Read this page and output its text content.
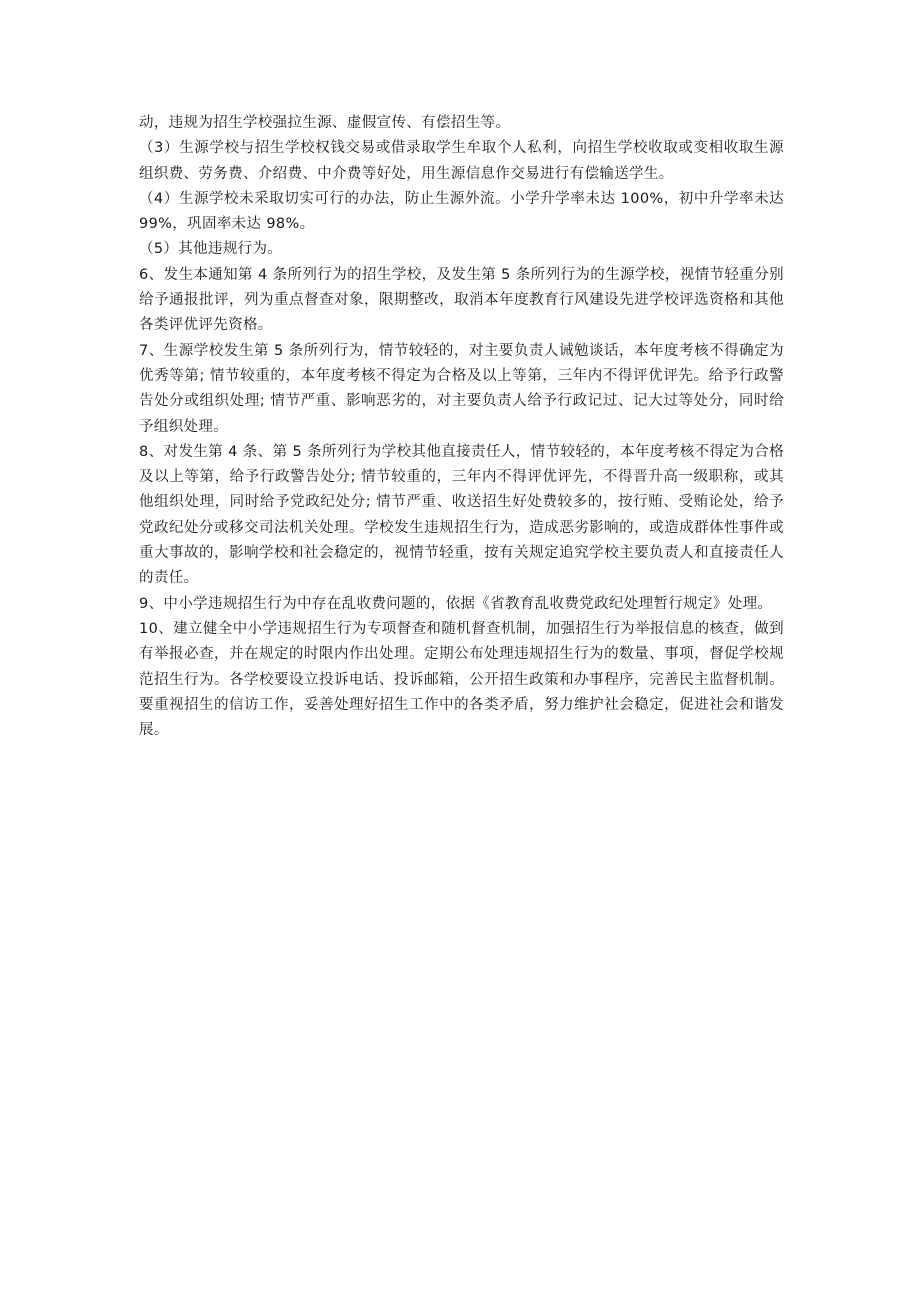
动，违规为招生学校强拉生源、虚假宣传、有偿招生等。

（3）生源学校与招生学校权钱交易或借录取学生牟取个人私利，向招生学校收取或变相收取生源组织费、劳务费、介绍费、中介费等好处，用生源信息作交易进行有偿输送学生。

（4）生源学校未采取切实可行的办法，防止生源外流。小学升学率未达 100%，初中升学率未达 99%，巩固率未达 98%。

（5）其他违规行为。

6、发生本通知第 4 条所列行为的招生学校，及发生第 5 条所列行为的生源学校，视情节轻重分别给予通报批评，列为重点督查对象，限期整改，取消本年度教育行风建设先进学校评选资格和其他各类评优评先资格。

7、生源学校发生第 5 条所列行为，情节较轻的，对主要负责人诫勉谈话，本年度考核不得确定为优秀等第; 情节较重的，本年度考核不得定为合格及以上等第，三年内不得评优评先。给予行政警告处分或组织处理; 情节严重、影响恶劣的，对主要负责人给予行政记过、记大过等处分，同时给予组织处理。

8、对发生第 4 条、第 5 条所列行为学校其他直接责任人，情节较轻的，本年度考核不得定为合格及以上等第，给予行政警告处分; 情节较重的，三年内不得评优评先，不得晋升高一级职称，或其他组织处理，同时给予党政纪处分; 情节严重、收送招生好处费较多的，按行贿、受贿论处，给予党政纪处分或移交司法机关处理。学校发生违规招生行为，造成恶劣影响的，或造成群体性事件或重大事故的，影响学校和社会稳定的，视情节轻重，按有关规定追究学校主要负责人和直接责任人的责任。

9、中小学违规招生行为中存在乱收费问题的，依据《省教育乱收费党政纪处理暂行规定》处理。

10、建立健全中小学违规招生行为专项督查和随机督查机制，加强招生行为举报信息的核查，做到有举报必查，并在规定的时限内作出处理。定期公布处理违规招生行为的数量、事项，督促学校规范招生行为。各学校要设立投诉电话、投诉邮箱，公开招生政策和办事程序，完善民主监督机制。要重视招生的信访工作，妥善处理好招生工作中的各类矛盾，努力维护社会稳定，促进社会和谐发展。
